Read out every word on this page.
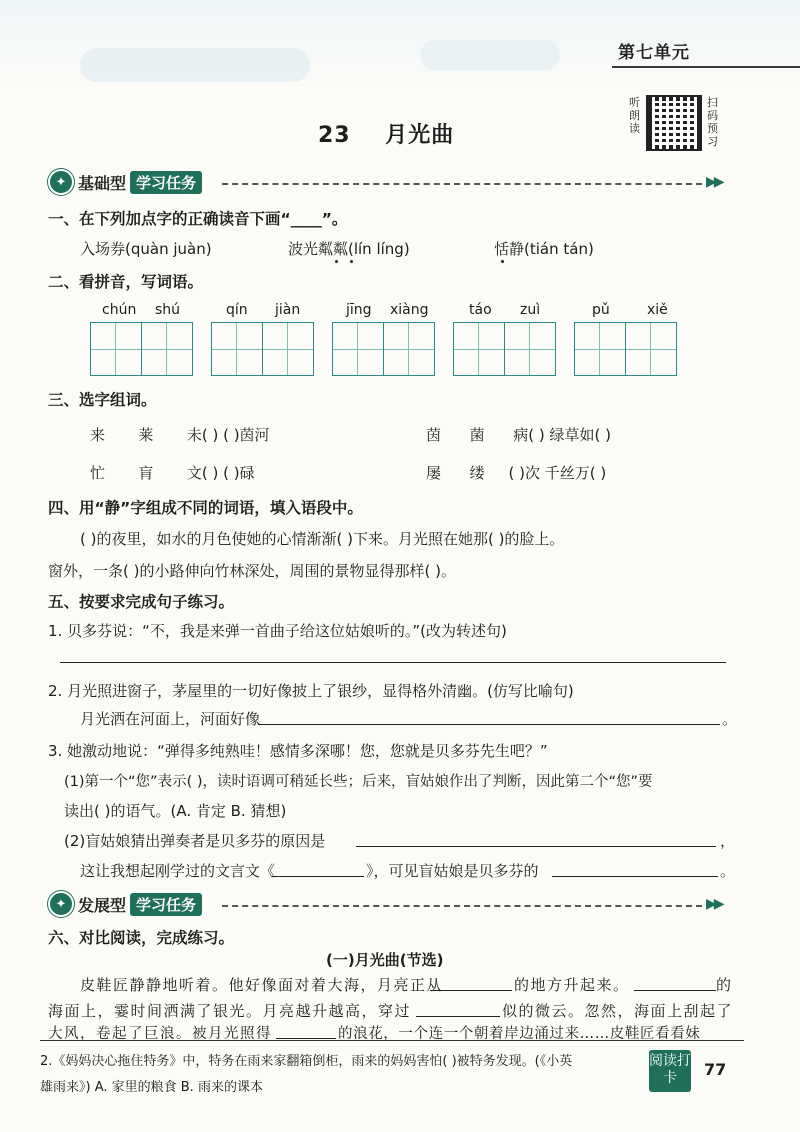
第七单元
23 月光曲
听朗读
扫码预习
✦ 基础型 学习任务	▶▶
一、在下列加点字的正确读音下画“____”。
入场券(quàn juàn)	波光粼粼(lín líng)	恬静(tián tán)
二、看拼音，写词语。
chún shú	qín jiàn	jīng xiàng	táo zuì	pǔ	xiě
三、选字组词。
来 莱 未( ) ( )茵河	茵 菌 病( ) 绿草如( )
忙 肓 文( ) ( )碌	屡 缕 ( )次 千丝万( )
四、用“静”字组成不同的词语，填入语段中。
( )的夜里，如水的月色使她的心情渐渐( )下来。月光照在她那( )的脸上。
窗外，一条( )的小路伸向竹林深处，周围的景物显得那样( )。
五、按要求完成句子练习。
1. 贝多芬说：“不，我是来弹一首曲子给这位姑娘听的。”(改为转述句)
2. 月光照进窗子，茅屋里的一切好像披上了银纱，显得格外清幽。(仿写比喻句)
月光洒在河面上，河面好像	。
3. 她激动地说：“弹得多纯熟哇！感情多深哪！您，您就是贝多芬先生吧？”
(1)第一个“您”表示( )，读时语调可稍延长些；后来，盲姑娘作出了判断，因此第二个“您”要
读出( )的语气。(A. 肯定 B. 猜想)
(2)盲姑娘猜出弹奏者是贝多芬的原因是	，
这让我想起刚学过的文言文《	》，可见盲姑娘是贝多芬的	。
✦ 发展型 学习任务	▶▶
六、对比阅读，完成练习。
(一)月光曲(节选)
皮鞋匠静静地听着。他好像面对着大海，月亮正从	的地方升起来。	的
海面上，霎时间洒满了银光。月亮越升越高，穿过	似的微云。忽然，海面上刮起了
大风，卷起了巨浪。被月光照得	的浪花，一个连一个朝着岸边涌过来……皮鞋匠看看妹
2.《妈妈决心拖住特务》中，特务在雨来家翻箱倒柜，雨来的妈妈害怕( )被特务发现。(《小英
雄雨来》) A. 家里的粮食 B. 雨来的课本
阅读打卡	77
